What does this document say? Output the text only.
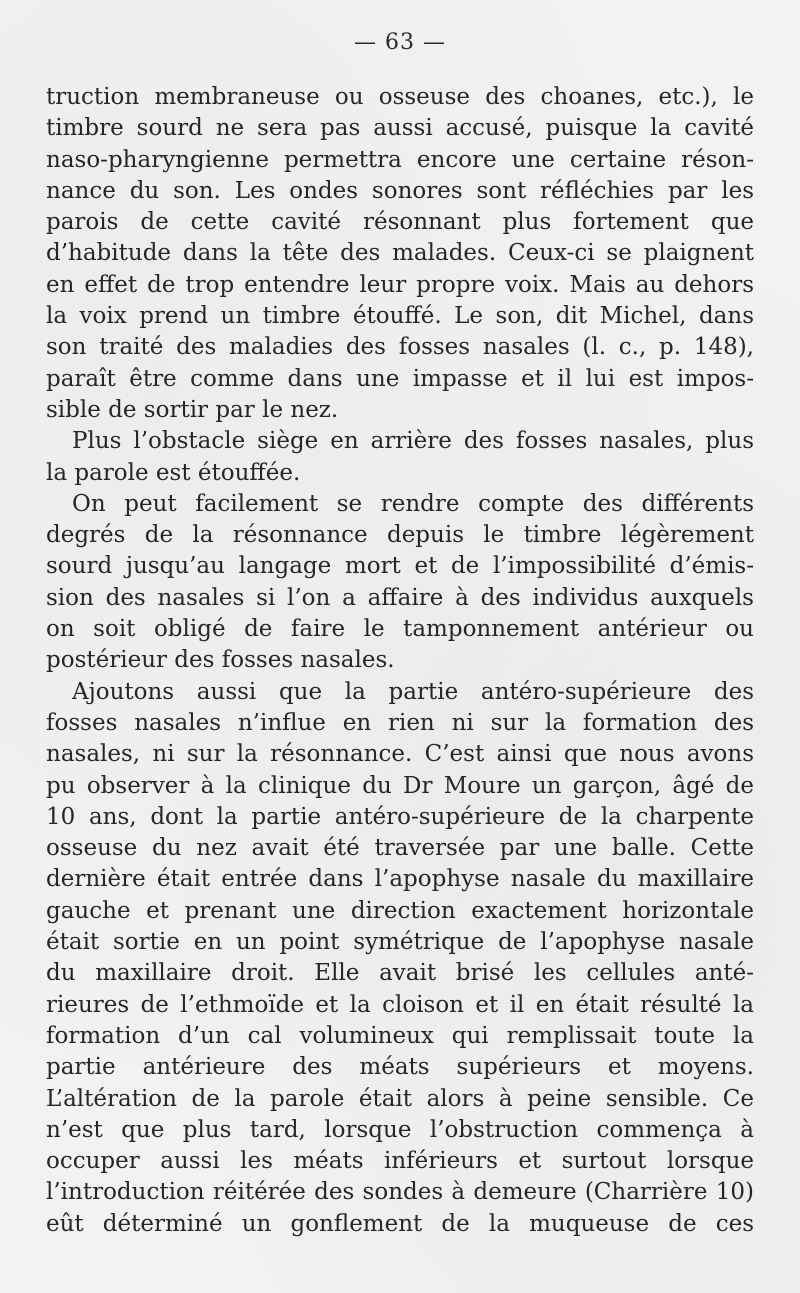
— 63 —
truction membraneuse ou osseuse des choanes, etc.), le
timbre sourd ne sera pas aussi accusé, puisque la cavité
naso-pharyngienne permettra encore une certaine réson-
nance du son. Les ondes sonores sont réfléchies par les
parois de cette cavité résonnant plus fortement que
d’habitude dans la tête des malades. Ceux-ci se plaignent
en effet de trop entendre leur propre voix. Mais au dehors
la voix prend un timbre étouffé. Le son, dit Michel, dans
son traité des maladies des fosses nasales (l. c., p. 148),
paraît être comme dans une impasse et il lui est impos-
sible de sortir par le nez.
Plus l’obstacle siège en arrière des fosses nasales, plus
la parole est étouffée.
On peut facilement se rendre compte des différents
degrés de la résonnance depuis le timbre légèrement
sourd jusqu’au langage mort et de l’impossibilité d’émis-
sion des nasales si l’on a affaire à des individus auxquels
on soit obligé de faire le tamponnement antérieur ou
postérieur des fosses nasales.
Ajoutons aussi que la partie antéro-supérieure des
fosses nasales n’influe en rien ni sur la formation des
nasales, ni sur la résonnance. C’est ainsi que nous avons
pu observer à la clinique du Dr Moure un garçon, âgé de
10 ans, dont la partie antéro-supérieure de la charpente
osseuse du nez avait été traversée par une balle. Cette
dernière était entrée dans l’apophyse nasale du maxillaire
gauche et prenant une direction exactement horizontale
était sortie en un point symétrique de l’apophyse nasale
du maxillaire droit. Elle avait brisé les cellules anté-
rieures de l’ethmoïde et la cloison et il en était résulté la
formation d’un cal volumineux qui remplissait toute la
partie antérieure des méats supérieurs et moyens.
L’altération de la parole était alors à peine sensible. Ce
n’est que plus tard, lorsque l’obstruction commença à
occuper aussi les méats inférieurs et surtout lorsque
l’introduction réitérée des sondes à demeure (Charrière 10)
eût déterminé un gonflement de la muqueuse de ces
